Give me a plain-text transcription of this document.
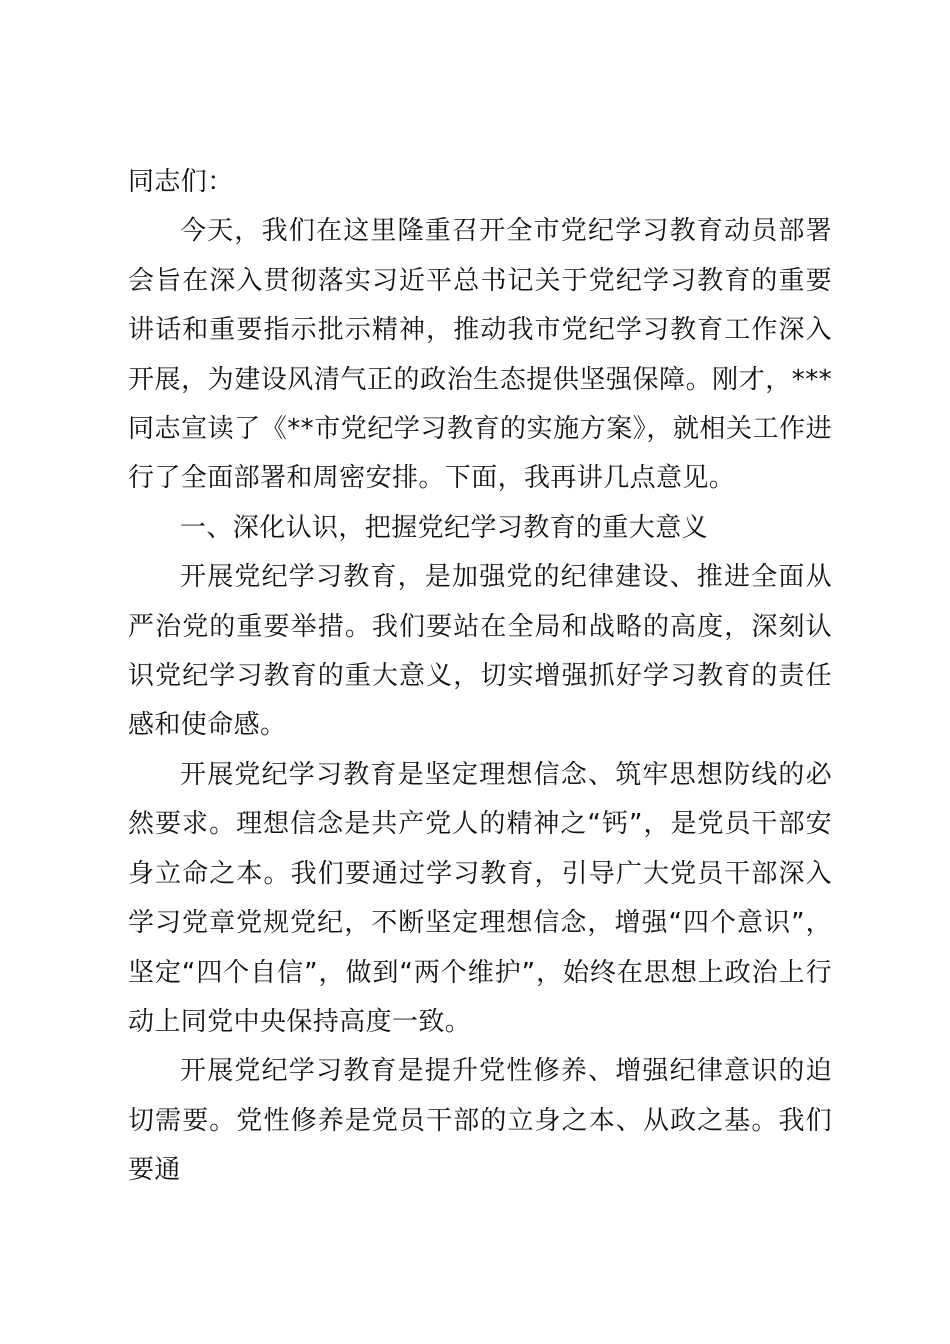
同志们：

今天，我们在这里隆重召开全市党纪学习教育动员部署会旨在深入贯彻落实习近平总书记关于党纪学习教育的重要讲话和重要指示批示精神，推动我市党纪学习教育工作深入开展，为建设风清气正的政治生态提供坚强保障。刚才，***同志宣读了《**市党纪学习教育的实施方案》，就相关工作进行了全面部署和周密安排。下面，我再讲几点意见。

一、深化认识，把握党纪学习教育的重大意义

开展党纪学习教育，是加强党的纪律建设、推进全面从严治党的重要举措。我们要站在全局和战略的高度，深刻认识党纪学习教育的重大意义，切实增强抓好学习教育的责任感和使命感。

开展党纪学习教育是坚定理想信念、筑牢思想防线的必然要求。理想信念是共产党人的精神之“钙”，是党员干部安身立命之本。我们要通过学习教育，引导广大党员干部深入学习党章党规党纪，不断坚定理想信念，增强“四个意识”，坚定“四个自信”，做到“两个维护”，始终在思想上政治上行动上同党中央保持高度一致。

开展党纪学习教育是提升党性修养、增强纪律意识的迫切需要。党性修养是党员干部的立身之本、从政之基。我们要通
